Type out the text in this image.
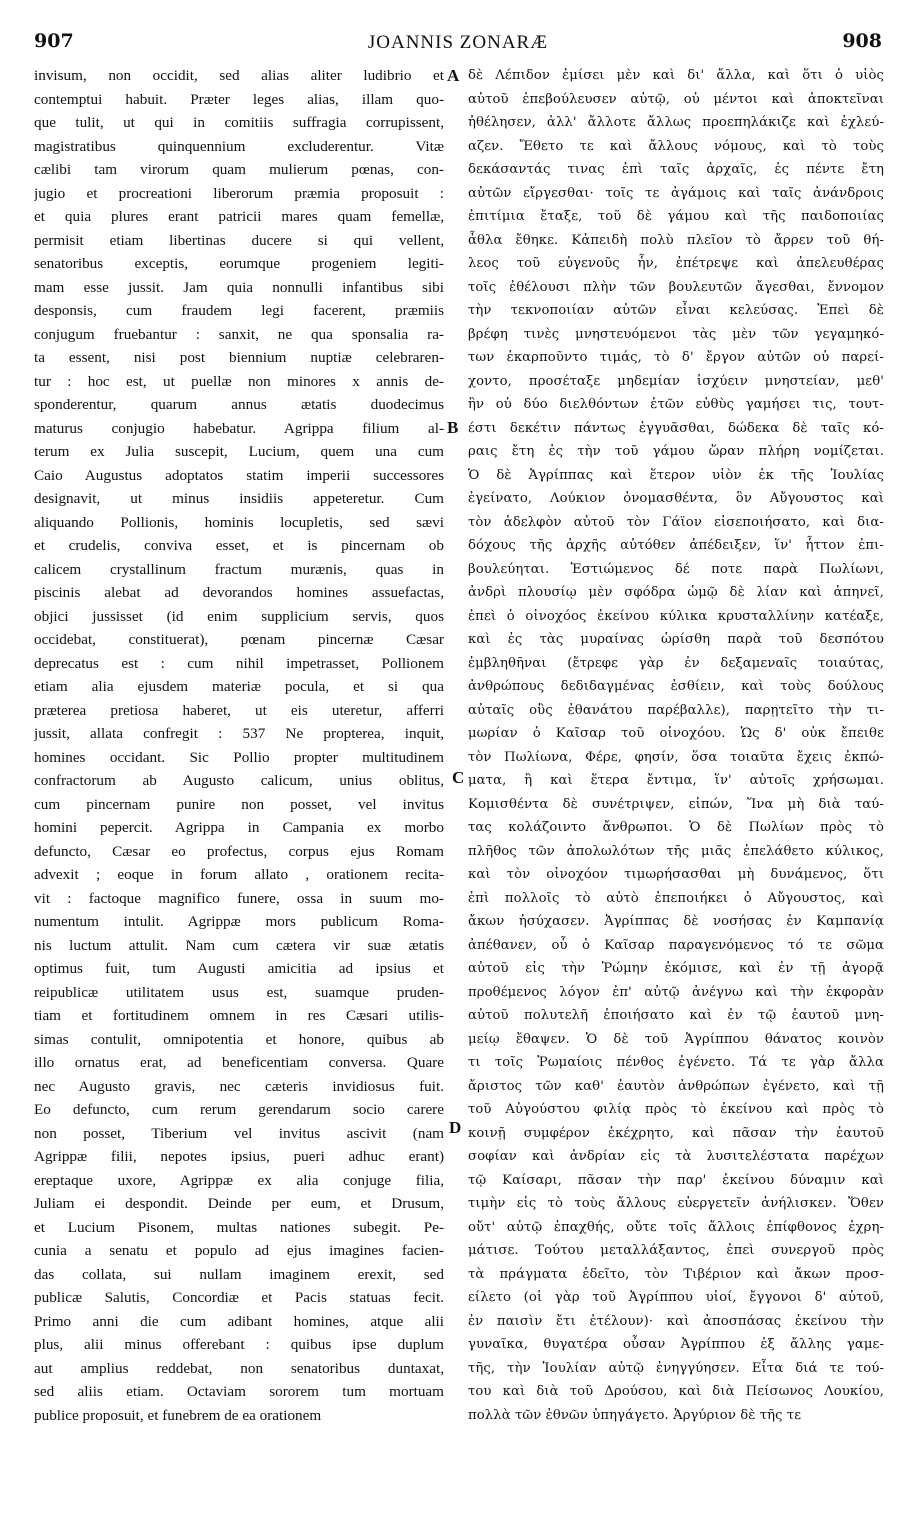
907	JOANNIS ZONARÆ	908
invisum, non occidit, sed alias aliter ludibrio et
contemptui habuit. Præter leges alias, illam quo-
que tulit, ut qui in comitiis suffragia corrupissent,
magistratibus quinquennium excluderentur. Vitæ
cælibi tam virorum quam mulierum pœnas, con-
jugio et procreationi liberorum præmia proposuit :
et quia plures erant patricii mares quam femellæ,
permisit etiam libertinas ducere si qui vellent,
senatoribus exceptis, eorumque progeniem legiti-
mam esse jussit. Jam quia nonnulli infantibus sibi
desponsis, cum fraudem legi facerent, præmiis
conjugum fruebantur : sanxit, ne qua sponsalia ra-
ta essent, nisi post biennium nuptiæ celebraren-
tur : hoc est, ut puellæ non minores x annis de-
sponderentur, quarum annus ætatis duodecimus
maturus conjugio habebatur. Agrippa filium al-
terum ex Julia suscepit, Lucium, quem una cum
Caio Augustus adoptatos statim imperii successores
designavit, ut minus insidiis appeteretur. Cum
aliquando Pollionis, hominis locupletis, sed sævi
et crudelis, conviva esset, et is pincernam ob
calicem crystallinum fractum murænis, quas in
piscinis alebat ad devorandos homines assuefactas,
objici jussisset (id enim supplicium servis, quos
occidebat, constituerat), pœnam pincernæ Cæsar
deprecatus est : cum nihil impetrasset, Pollionem
etiam alia ejusdem materiæ pocula, et si qua
præterea pretiosa haberet, ut eis uteretur, afferri
jussit, allata confregit : 537 Ne propterea, inquit,
homines occidant. Sic Pollio propter multitudinem
confractorum ab Augusto calicum, unius oblitus,
cum pincernam punire non posset, vel invitus
homini pepercit. Agrippa in Campania ex morbo
defuncto, Cæsar eo profectus, corpus ejus Romam
advexit ; eoque in forum allato , orationem recita-
vit : factoque magnifico funere, ossa in suum mo-
numentum intulit. Agrippæ mors publicum Roma-
nis luctum attulit. Nam cum cætera vir suæ ætatis
optimus fuit, tum Augusti amicitia ad ipsius et
reipublicæ utilitatem usus est, suamque pruden-
tiam et fortitudinem omnem in res Cæsari utilis-
simas contulit, omnipotentia et honore, quibus ab
illo ornatus erat, ad beneficentiam conversa. Quare
nec Augusto gravis, nec cæteris invidiosus fuit.
Eo defuncto, cum rerum gerendarum socio carere
non posset, Tiberium vel invitus ascivit (nam
Agrippæ filii, nepotes ipsius, pueri adhuc erant)
ereptaque uxore, Agrippæ ex alia conjuge filia,
Juliam ei despondit. Deinde per eum, et Drusum,
et Lucium Pisonem, multas nationes subegit. Pe-
cunia a senatu et populo ad ejus imagines facien-
das collata, sui nullam imaginem erexit, sed
publicæ Salutis, Concordiæ et Pacis statuas fecit.
Primo anni die cum adibant homines, atque alii
plus, alii minus offerebant : quibus ipse duplum
aut amplius reddebat, non senatoribus duntaxat,
sed aliis etiam. Octaviam sororem tum mortuam
publice proposuit, et funebrem de ea orationem
δὲ Λέπιδον ἐμίσει μὲν καὶ δι' ἄλλα, καὶ ὅτι ὁ υἱὸς
αὐτοῦ ἐπεβούλευσεν αὐτῷ, οὐ μέντοι καὶ ἀποκτεῖναι
ἠθέλησεν, ἀλλ' ἄλλοτε ἄλλως προεπηλάκιζε καὶ ἐχλεύ-
αζεν. Ἔθετο τε καὶ ἄλλους νόμους, καὶ τὸ τοὺς
δεκάσαντάς τινας ἐπὶ ταῖς ἀρχαῖς, ἐς πέντε ἔτη
αὐτῶν εἴργεσθαι· τοῖς τε ἀγάμοις καὶ ταῖς ἀνάνδροις
ἐπιτίμια ἔταξε, τοῦ δὲ γάμου καὶ τῆς παιδοποιίας
ἆθλα ἔθηκε. Κἀπειδὴ πολὺ πλεῖον τὸ ἄρρεν τοῦ θή-
λεος τοῦ εὐγενοῦς ἦν, ἐπέτρεψε καὶ ἀπελευθέρας
τοῖς ἐθέλουσι πλὴν τῶν βουλευτῶν ἄγεσθαι, ἔννομον
τὴν τεκνοποιίαν αὐτῶν εἶναι κελεύσας. Ἐπεὶ δὲ
βρέφη τινὲς μνηστευόμενοι τὰς μὲν τῶν γεγαμηκό-
των ἐκαρποῦντο τιμάς, τὸ δ' ἔργον αὐτῶν οὐ παρεί-
χοντο, προσέταξε μηδεμίαν ἰσχύειν μνηστείαν, μεθ'
ἣν οὐ δύο διελθόντων ἐτῶν εὐθὺς γαμήσει τις, τουτ-
έστι δεκέτιν πάντως ἐγγυᾶσθαι, δώδεκα δὲ ταῖς κό-
ραις ἔτη ἐς τὴν τοῦ γάμου ὥραν πλήρη νομίζεται.
Ὁ δὲ Ἀγρίππας καὶ ἕτερον υἱὸν ἐκ τῆς Ἰουλίας
ἐγείνατο, Λούκιον ὀνομασθέντα, ὃν Αὔγουστος καὶ
τὸν ἀδελφὸν αὐτοῦ τὸν Γάϊον εἰσεποιήσατο, καὶ δια-
δόχους τῆς ἀρχῆς αὐτόθεν ἀπέδειξεν, ἵν' ἧττον ἐπι-
βουλεύηται. Ἑστιώμενος δέ ποτε παρὰ Πωλίωνι,
ἀνδρὶ πλουσίῳ μὲν σφόδρα ὠμῷ δὲ λίαν καὶ ἀπηνεῖ,
ἐπεὶ ὁ οἰνοχόος ἐκείνου κύλικα κρυσταλλίνην κατέαξε,
καὶ ἐς τὰς μυραίνας ὡρίσθη παρὰ τοῦ δεσπότου
ἐμβληθῆναι (ἔτρεφε γὰρ ἐν δεξαμεναῖς τοιαύτας,
ἀνθρώπους δεδιδαγμένας ἐσθίειν, καὶ τοὺς δούλους
αὐταῖς οὓς ἐθανάτου παρέβαλλε), παρῃτεῖτο τὴν τι-
μωρίαν ὁ Καῖσαρ τοῦ οἰνοχόου. Ὡς δ' οὐκ ἔπειθε
τὸν Πωλίωνα, Φέρε, φησίν, ὅσα τοιαῦτα ἔχεις ἐκπώ-
ματα, ἢ καὶ ἕτερα ἔντιμα, ἵν' αὐτοῖς χρήσωμαι.
Κομισθέντα δὲ συνέτριψεν, εἰπών, Ἵνα μὴ διὰ ταύ-
τας κολάζοιντο ἄνθρωποι. Ὁ δὲ Πωλίων πρὸς τὸ
πλῆθος τῶν ἀπολωλότων τῆς μιᾶς ἐπελάθετο κύλικος,
καὶ τὸν οἰνοχόον τιμωρήσασθαι μὴ δυνάμενος, ὅτι
ἐπὶ πολλοῖς τὸ αὐτὸ ἐπεποιήκει ὁ Αὔγουστος, καὶ
ἄκων ἡσύχασεν. Ἀγρίππας δὲ νοσήσας ἐν Καμπανίᾳ
ἀπέθανεν, οὗ ὁ Καῖσαρ παραγενόμενος τό τε σῶμα
αὐτοῦ εἰς τὴν Ῥώμην ἐκόμισε, καὶ ἐν τῇ ἀγορᾷ
προθέμενος λόγον ἐπ' αὐτῷ ἀνέγνω καὶ τὴν ἐκφορὰν
αὐτοῦ πολυτελῆ ἐποιήσατο καὶ ἐν τῷ ἑαυτοῦ μνη-
μείῳ ἔθαψεν. Ὁ δὲ τοῦ Ἀγρίππου θάνατος κοινὸν
τι τοῖς Ῥωμαίοις πένθος ἐγένετο. Τά τε γὰρ ἄλλα
ἄριστος τῶν καθ' ἑαυτὸν ἀνθρώπων ἐγένετο, καὶ τῇ
τοῦ Αὐγούστου φιλίᾳ πρὸς τὸ ἐκείνου καὶ πρὸς τὸ
κοινῇ συμφέρον ἐκέχρητο, καὶ πᾶσαν τὴν ἑαυτοῦ
σοφίαν καὶ ἀνδρίαν εἰς τὰ λυσιτελέστατα παρέχων
τῷ Καίσαρι, πᾶσαν τὴν παρ' ἐκείνου δύναμιν καὶ
τιμὴν εἰς τὸ τοὺς ἄλλους εὐεργετεῖν ἀνήλισκεν. Ὅθεν
οὔτ' αὐτῷ ἐπαχθής, οὔτε τοῖς ἄλλοις ἐπίφθονος ἐχρη-
μάτισε. Τούτου μεταλλάξαντος, ἐπεὶ συνεργοῦ πρὸς
τὰ πράγματα ἐδεῖτο, τὸν Τιβέριον καὶ ἄκων προσ-
είλετο (οἱ γὰρ τοῦ Ἀγρίππου υἱοί, ἔγγονοι δ' αὐτοῦ,
ἐν παισὶν ἔτι ἐτέλουν)· καὶ ἀποσπάσας ἐκείνου τὴν
γυναῖκα, θυγατέρα οὖσαν Ἀγρίππου ἐξ ἄλλης γαμε-
τῆς, τὴν Ἰουλίαν αὐτῷ ἐνηγγύησεν. Εἶτα διά τε τού-
του καὶ διὰ τοῦ Δρούσου, καὶ διὰ Πείσωνος Λουκίου,
πολλὰ τῶν ἐθνῶν ὑπηγάγετο. Ἀργύριον δὲ τῆς τε
A
B
C
D
